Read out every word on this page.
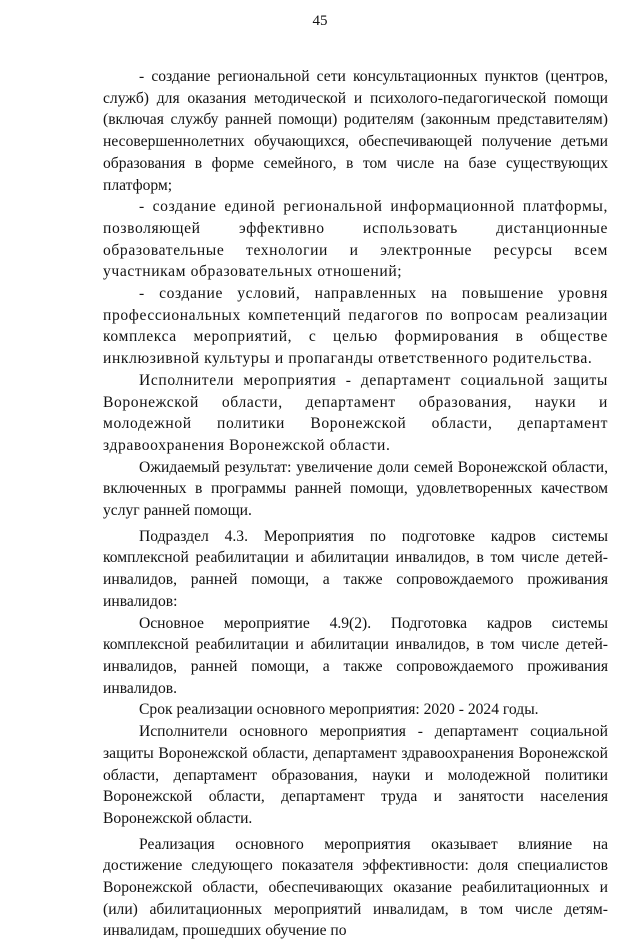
45

- создание региональной сети консультационных пунктов (центров, служб) для оказания методической и психолого-педагогической помощи (включая службу ранней помощи) родителям (законным представителям) несовершеннолетних обучающихся, обеспечивающей получение детьми образования в форме семейного, в том числе на базе существующих платформ;

- создание единой региональной информационной платформы, позволяющей эффективно использовать дистанционные образовательные технологии и электронные ресурсы всем участникам образовательных отношений;

- создание условий, направленных на повышение уровня профессиональных компетенций педагогов по вопросам реализации комплекса мероприятий, с целью формирования в обществе инклюзивной культуры и пропаганды ответственного родительства.

Исполнители мероприятия - департамент социальной защиты Воронежской области, департамент образования, науки и молодежной политики Воронежской области, департамент здравоохранения Воронежской области.

Ожидаемый результат: увеличение доли семей Воронежской области, включенных в программы ранней помощи, удовлетворенных качеством услуг ранней помощи.

Подраздел 4.3. Мероприятия по подготовке кадров системы комплексной реабилитации и абилитации инвалидов, в том числе детей-инвалидов, ранней помощи, а также сопровождаемого проживания инвалидов:

Основное мероприятие 4.9(2). Подготовка кадров системы комплексной реабилитации и абилитации инвалидов, в том числе детей-инвалидов, ранней помощи, а также сопровождаемого проживания инвалидов.

Срок реализации основного мероприятия: 2020 - 2024 годы.

Исполнители основного мероприятия - департамент социальной защиты Воронежской области, департамент здравоохранения Воронежской области, департамент образования, науки и молодежной политики Воронежской области, департамент труда и занятости населения Воронежской области.

Реализация основного мероприятия оказывает влияние на достижение следующего показателя эффективности: доля специалистов Воронежской области, обеспечивающих оказание реабилитационных и (или) абилитационных мероприятий инвалидам, в том числе детям-инвалидам, прошедших обучение по
